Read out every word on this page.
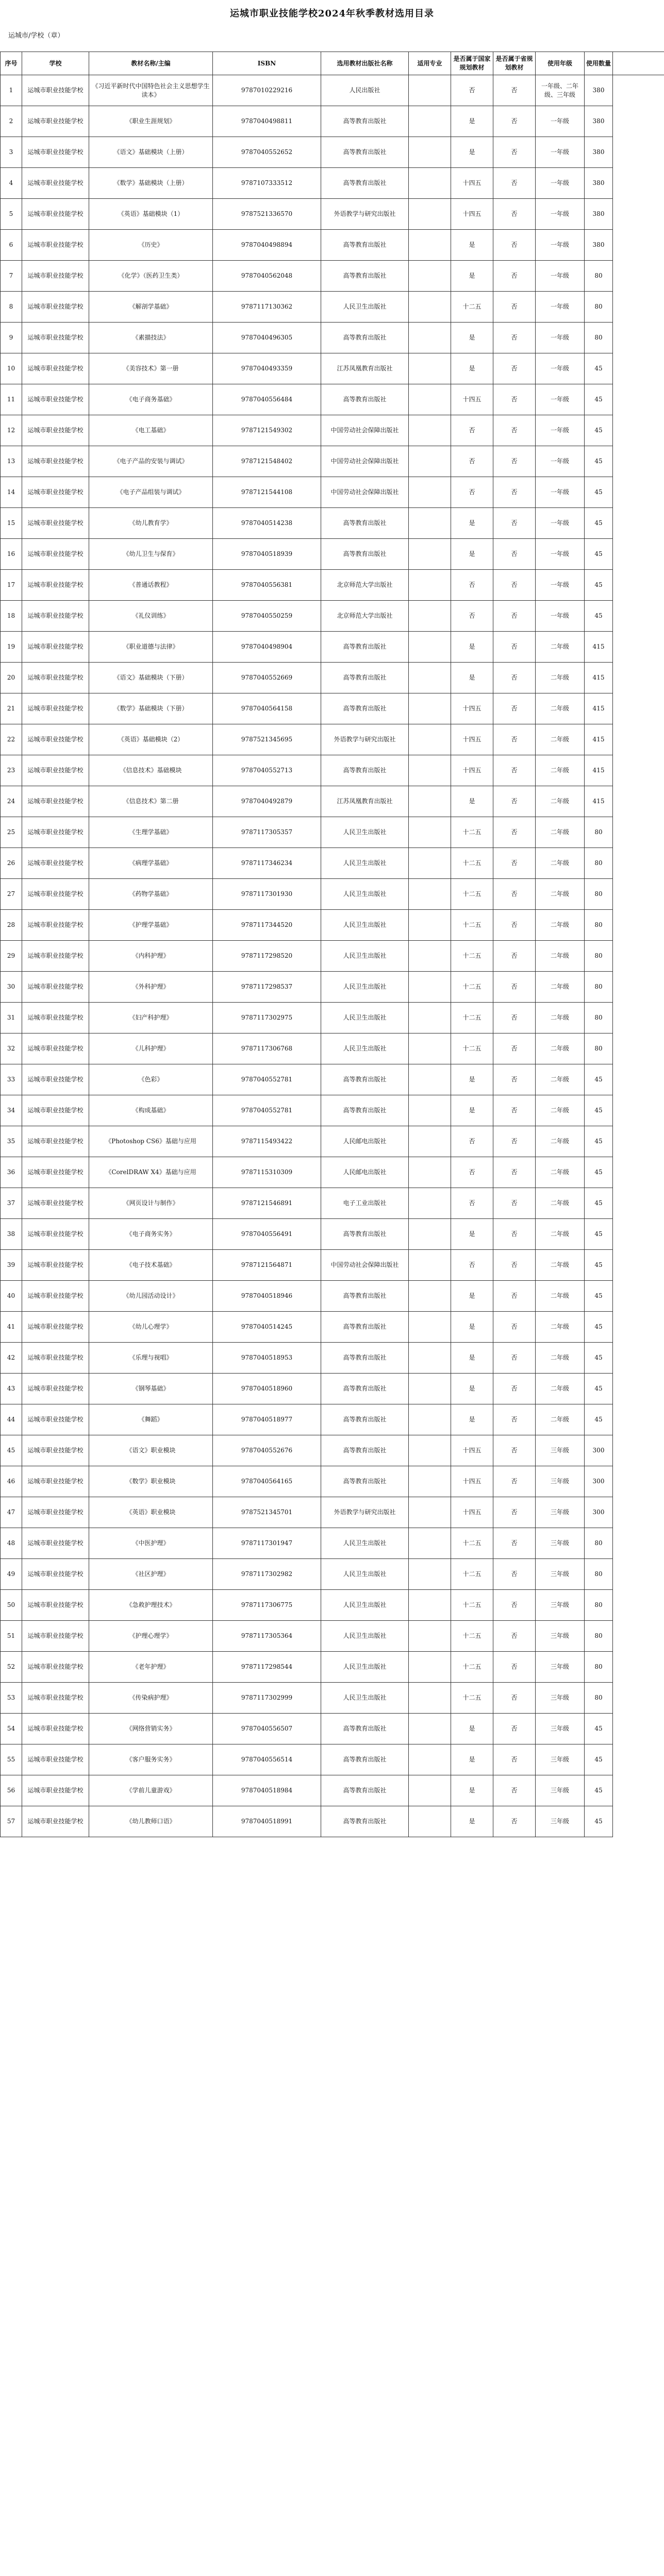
运城市职业技能学校2024年秋季教材选用目录
运城市/学校（章）
序号	学校	教材名称/主编	ISBN	选用教材出版社名称	适用专业	是否属于国家规划教材	是否属于省规划教材	使用年级	使用数量	
1	运城市职业技能学校	《习近平新时代中国特色社会主义思想学生读本》	9787010229216	人民出版社		否	否	一年级、二年级、三年级	380	
2	运城市职业技能学校	《职业生涯规划》	9787040498811	高等教育出版社		是	否	一年级	380	
3	运城市职业技能学校	《语文》基础模块（上册）	9787040552652	高等教育出版社		是	否	一年级	380	
4	运城市职业技能学校	《数学》基础模块（上册）	9787107333512	高等教育出版社		十四五	否	一年级	380	
5	运城市职业技能学校	《英语》基础模块（1）	9787521336570	外语教学与研究出版社		十四五	否	一年级	380	
6	运城市职业技能学校	《历史》	9787040498894	高等教育出版社		是	否	一年级	380	
7	运城市职业技能学校	《化学》（医药卫生类）	9787040562048	高等教育出版社		是	否	一年级	80	
8	运城市职业技能学校	《解剖学基础》	9787117130362	人民卫生出版社		十二五	否	一年级	80	
9	运城市职业技能学校	《素描技法》	9787040496305	高等教育出版社		是	否	一年级	80	
10	运城市职业技能学校	《美容技术》第一册	9787040493359	江苏凤凰教育出版社		是	否	一年级	45	
11	运城市职业技能学校	《电子商务基础》	9787040556484	高等教育出版社		十四五	否	一年级	45	
12	运城市职业技能学校	《电工基础》	9787121549302	中国劳动社会保障出版社		否	否	一年级	45	
13	运城市职业技能学校	《电子产品的安装与调试》	9787121548402	中国劳动社会保障出版社		否	否	一年级	45	
14	运城市职业技能学校	《电子产品组装与调试》	9787121544108	中国劳动社会保障出版社		否	否	一年级	45	
15	运城市职业技能学校	《幼儿教育学》	9787040514238	高等教育出版社		是	否	一年级	45	
16	运城市职业技能学校	《幼儿卫生与保育》	9787040518939	高等教育出版社		是	否	一年级	45	
17	运城市职业技能学校	《普通话教程》	9787040556381	北京师范大学出版社		否	否	一年级	45	
18	运城市职业技能学校	《礼仪训练》	9787040550259	北京师范大学出版社		否	否	一年级	45	
19	运城市职业技能学校	《职业道德与法律》	9787040498904	高等教育出版社		是	否	二年级	415	
20	运城市职业技能学校	《语文》基础模块（下册）	9787040552669	高等教育出版社		是	否	二年级	415	
21	运城市职业技能学校	《数学》基础模块（下册）	9787040564158	高等教育出版社		十四五	否	二年级	415	
22	运城市职业技能学校	《英语》基础模块（2）	9787521345695	外语教学与研究出版社		十四五	否	二年级	415	
23	运城市职业技能学校	《信息技术》基础模块	9787040552713	高等教育出版社		十四五	否	二年级	415	
24	运城市职业技能学校	《信息技术》第二册	9787040492879	江苏凤凰教育出版社		是	否	二年级	415	
25	运城市职业技能学校	《生理学基础》	9787117305357	人民卫生出版社		十二五	否	二年级	80	
26	运城市职业技能学校	《病理学基础》	9787117346234	人民卫生出版社		十二五	否	二年级	80	
27	运城市职业技能学校	《药物学基础》	9787117301930	人民卫生出版社		十二五	否	二年级	80	
28	运城市职业技能学校	《护理学基础》	9787117344520	人民卫生出版社		十二五	否	二年级	80	
29	运城市职业技能学校	《内科护理》	9787117298520	人民卫生出版社		十二五	否	二年级	80	
30	运城市职业技能学校	《外科护理》	9787117298537	人民卫生出版社		十二五	否	二年级	80	
31	运城市职业技能学校	《妇产科护理》	9787117302975	人民卫生出版社		十二五	否	二年级	80	
32	运城市职业技能学校	《儿科护理》	9787117306768	人民卫生出版社		十二五	否	二年级	80	
33	运城市职业技能学校	《色彩》	9787040552781	高等教育出版社		是	否	二年级	45	
34	运城市职业技能学校	《构成基础》	9787040552781	高等教育出版社		是	否	二年级	45	
35	运城市职业技能学校	《Photoshop CS6》基础与应用	9787115493422	人民邮电出版社		否	否	二年级	45	
36	运城市职业技能学校	《CorelDRAW X4》基础与应用	9787115310309	人民邮电出版社		否	否	二年级	45	
37	运城市职业技能学校	《网页设计与制作》	9787121546891	电子工业出版社		否	否	二年级	45	
38	运城市职业技能学校	《电子商务实务》	9787040556491	高等教育出版社		是	否	二年级	45	
39	运城市职业技能学校	《电子技术基础》	9787121564871	中国劳动社会保障出版社		否	否	二年级	45	
40	运城市职业技能学校	《幼儿园活动设计》	9787040518946	高等教育出版社		是	否	二年级	45	
41	运城市职业技能学校	《幼儿心理学》	9787040514245	高等教育出版社		是	否	二年级	45	
42	运城市职业技能学校	《乐理与视唱》	9787040518953	高等教育出版社		是	否	二年级	45	
43	运城市职业技能学校	《钢琴基础》	9787040518960	高等教育出版社		是	否	二年级	45	
44	运城市职业技能学校	《舞蹈》	9787040518977	高等教育出版社		是	否	二年级	45	
45	运城市职业技能学校	《语文》职业模块	9787040552676	高等教育出版社		十四五	否	三年级	300	
46	运城市职业技能学校	《数学》职业模块	9787040564165	高等教育出版社		十四五	否	三年级	300	
47	运城市职业技能学校	《英语》职业模块	9787521345701	外语教学与研究出版社		十四五	否	三年级	300	
48	运城市职业技能学校	《中医护理》	9787117301947	人民卫生出版社		十二五	否	三年级	80	
49	运城市职业技能学校	《社区护理》	9787117302982	人民卫生出版社		十二五	否	三年级	80	
50	运城市职业技能学校	《急救护理技术》	9787117306775	人民卫生出版社		十二五	否	三年级	80	
51	运城市职业技能学校	《护理心理学》	9787117305364	人民卫生出版社		十二五	否	三年级	80	
52	运城市职业技能学校	《老年护理》	9787117298544	人民卫生出版社		十二五	否	三年级	80	
53	运城市职业技能学校	《传染病护理》	9787117302999	人民卫生出版社		十二五	否	三年级	80	
54	运城市职业技能学校	《网络营销实务》	9787040556507	高等教育出版社		是	否	三年级	45	
55	运城市职业技能学校	《客户服务实务》	9787040556514	高等教育出版社		是	否	三年级	45	
56	运城市职业技能学校	《学前儿童游戏》	9787040518984	高等教育出版社		是	否	三年级	45	
57	运城市职业技能学校	《幼儿教师口语》	9787040518991	高等教育出版社		是	否	三年级	45	
